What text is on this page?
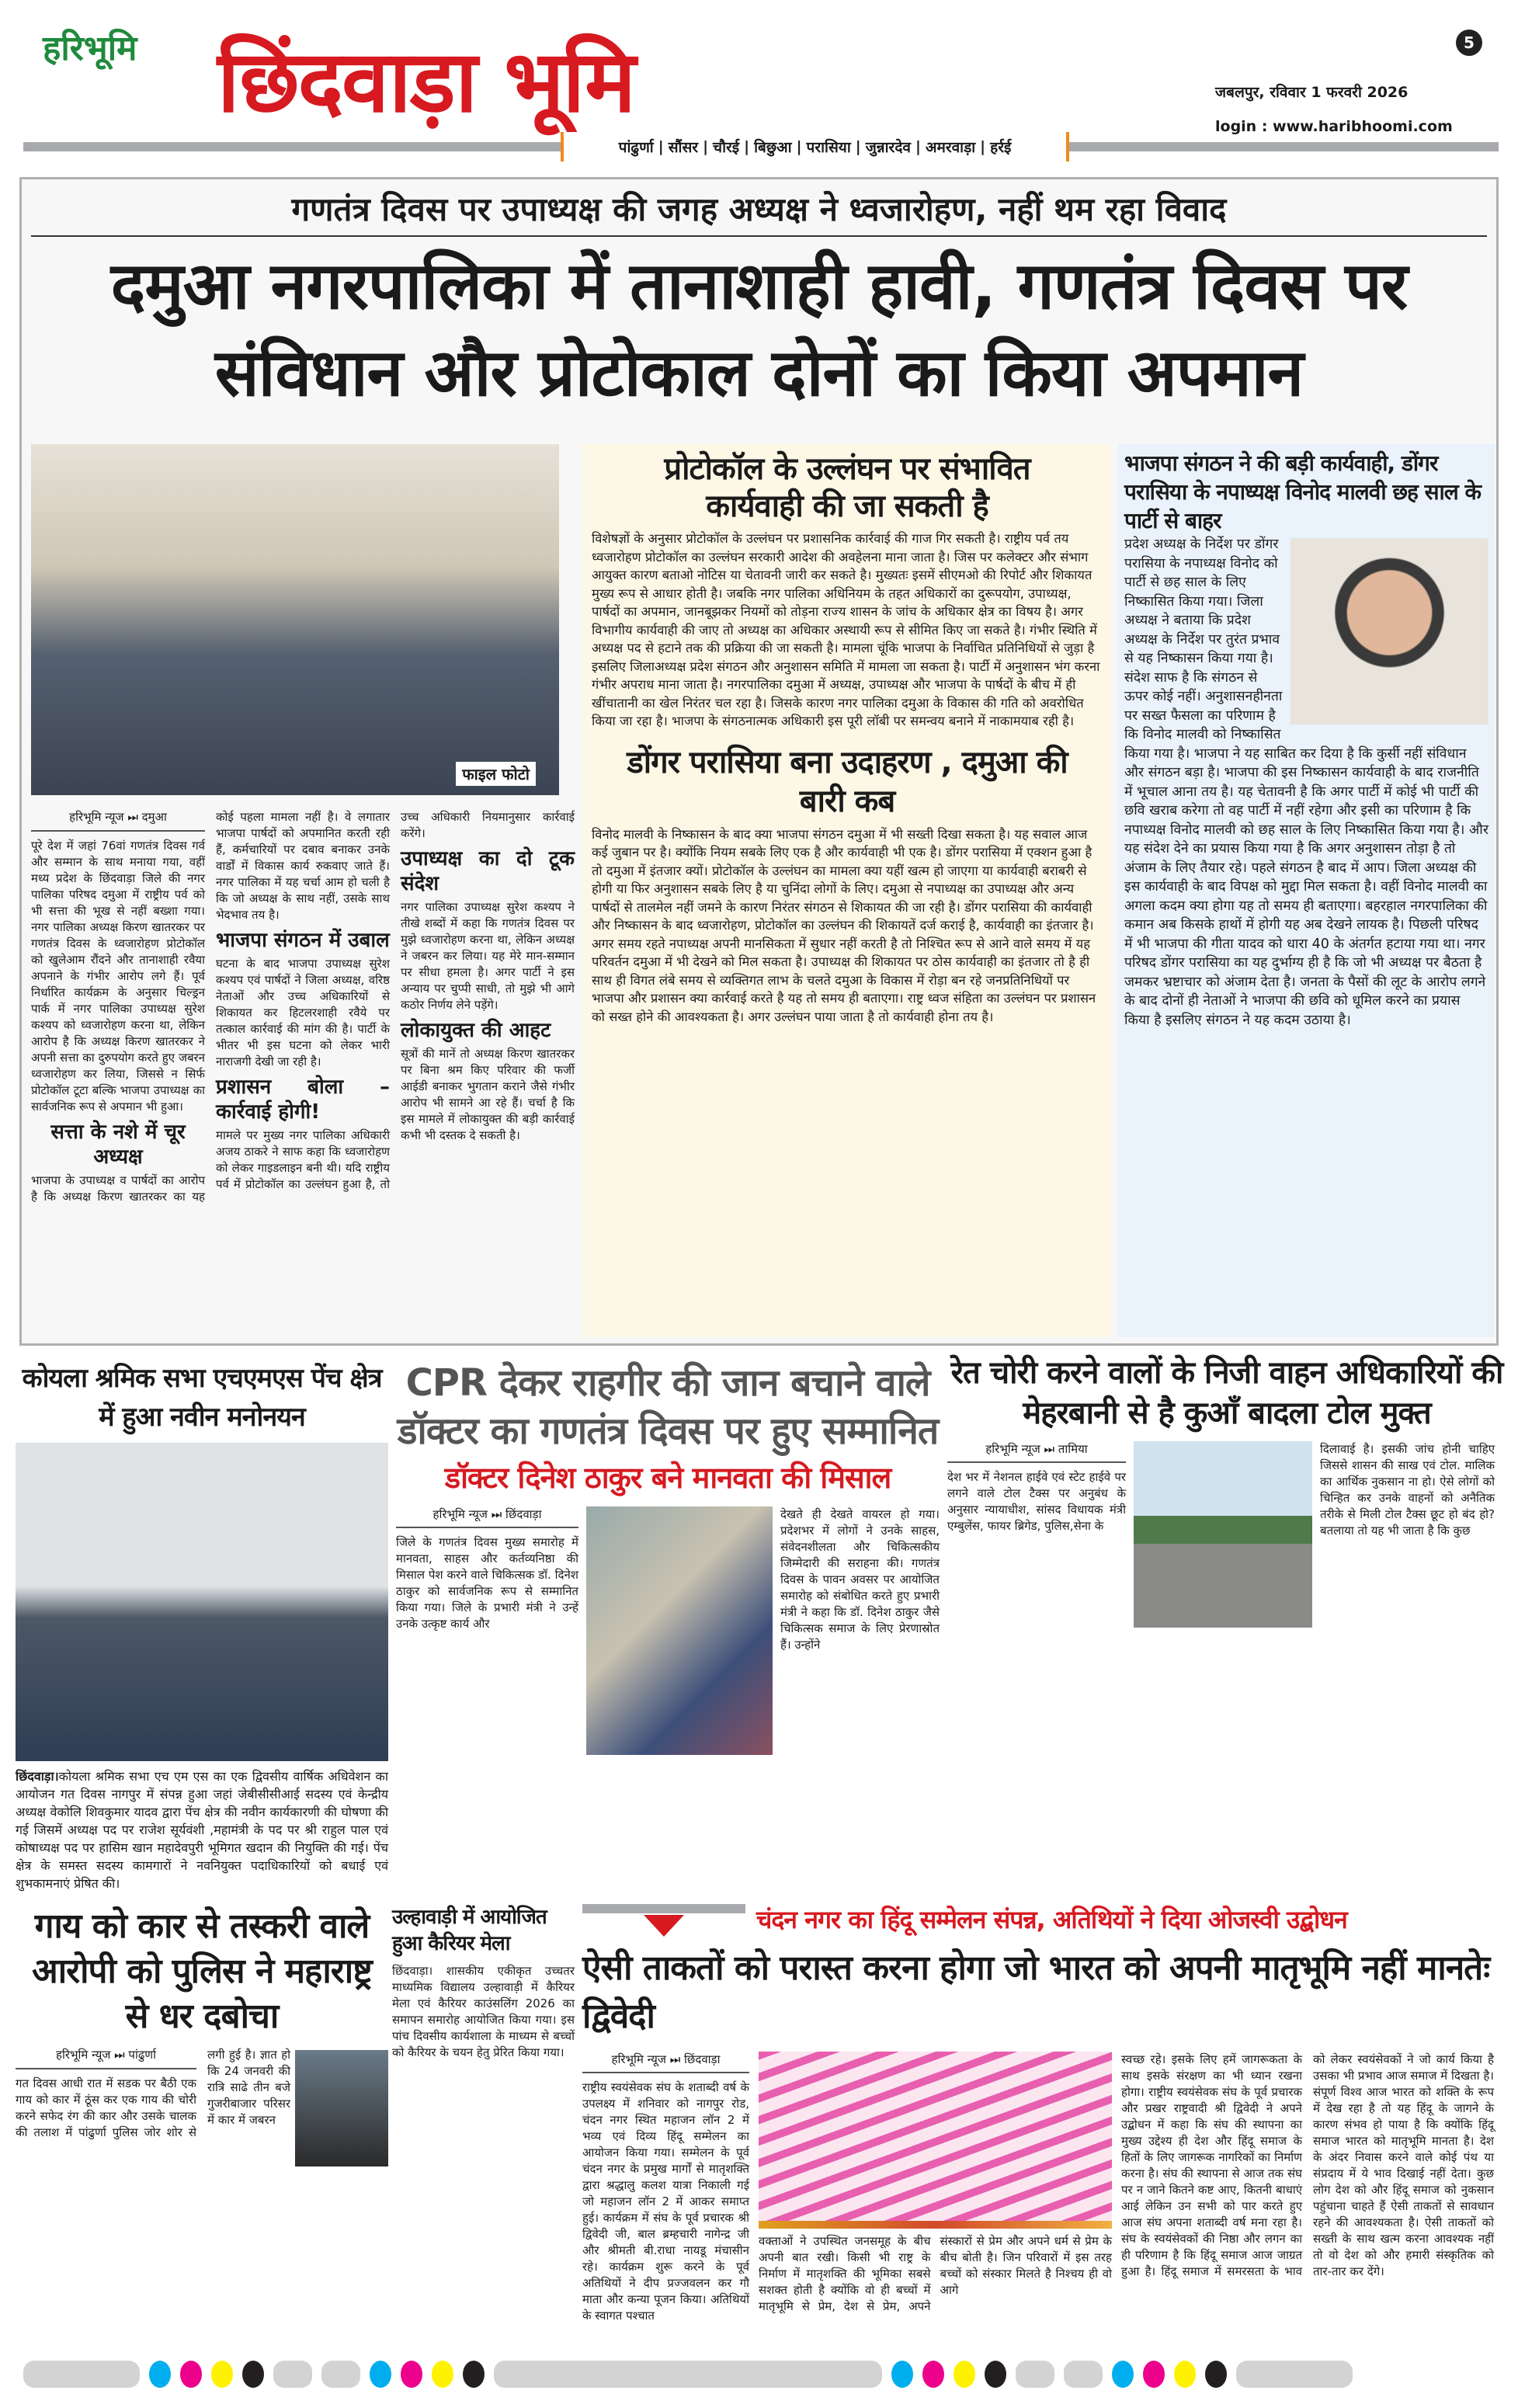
हरिभूमि छिंदवाड़ा भूमि	5
जबलपुर, रविवार 1 फरवरी 2026
login : www.haribhoomi.com
पांढुर्णा | सौंसर | चौरई | बिछुआ | परासिया | जुन्नारदेव | अमरवाड़ा | हर्रई
गणतंत्र दिवस पर उपाध्यक्ष की जगह अध्यक्ष ने ध्वजारोहण, नहीं थम रहा विवाद
दमुआ नगरपालिका में तानाशाही हावी, गणतंत्र दिवस पर संविधान और प्रोटोकाल दोनों का किया अपमान
फाइल फोटो
हरिभूमि न्यूज ⏭ दमुआ

पूरे देश में जहां 76वां गणतंत्र दिवस गर्व और सम्मान के साथ मनाया गया, वहीं मध्य प्रदेश के छिंदवाड़ा जिले की नगर पालिका परिषद दमुआ में राष्ट्रीय पर्व को भी सत्ता की भूख से नहीं बख्शा गया। नगर पालिका अध्यक्ष किरण खातरकर पर गणतंत्र दिवस के ध्वजारोहण प्रोटोकॉल को खुलेआम रौंदने और तानाशाही रवैया अपनाने के गंभीर आरोप लगे हैं। पूर्व निर्धारित कार्यक्रम के अनुसार चिल्ड्रन पार्क में नगर पालिका उपाध्यक्ष सुरेश कश्यप को ध्वजारोहण करना था, लेकिन आरोप है कि अध्यक्ष किरण खातरकर ने अपनी सत्ता का दुरुपयोग करते हुए जबरन ध्वजारोहण कर लिया, जिससे न सिर्फ प्रोटोकॉल टूटा बल्कि भाजपा उपाध्यक्ष का सार्वजनिक रूप से अपमान भी हुआ।

सत्ता के नशे में चूर अध्यक्ष

भाजपा के उपाध्यक्ष व पार्षदों का आरोप है कि अध्यक्ष किरण खातरकर का यह कोई पहला मामला नहीं है। वे लगातार भाजपा पार्षदों को अपमानित करती रही हैं, कर्मचारियों पर दबाव बनाकर उनके वार्डों में विकास कार्य रुकवाए जाते हैं। नगर पालिका में यह चर्चा आम हो चली है कि जो अध्यक्ष के साथ नहीं, उसके साथ भेदभाव तय है।

भाजपा संगठन में उबाल

घटना के बाद भाजपा उपाध्यक्ष सुरेश कश्यप एवं पार्षदों ने जिला अध्यक्ष, वरिष्ठ नेताओं और उच्च अधिकारियों से शिकायत कर हिटलरशाही रवैये पर तत्काल कार्रवाई की मांग की है। पार्टी के भीतर भी इस घटना को लेकर भारी नाराजगी देखी जा रही है।

प्रशासन बोला – कार्रवाई होगी!

मामले पर मुख्य नगर पालिका अधिकारी अजय ठाकरे ने साफ कहा कि ध्वजारोहण को लेकर गाइडलाइन बनी थी। यदि राष्ट्रीय पर्व में प्रोटोकॉल का उल्लंघन हुआ है, तो उच्च अधिकारी नियमानुसार कार्रवाई करेंगे।

उपाध्यक्ष का दो टूक संदेश

नगर पालिका उपाध्यक्ष सुरेश कश्यप ने तीखे शब्दों में कहा कि गणतंत्र दिवस पर मुझे ध्वजारोहण करना था, लेकिन अध्यक्ष ने जबरन कर लिया। यह मेरे मान-सम्मान पर सीधा हमला है। अगर पार्टी ने इस अन्याय पर चुप्पी साधी, तो मुझे भी आगे कठोर निर्णय लेने पड़ेंगे।

लोकायुक्त की आहट

सूत्रों की मानें तो अध्यक्ष किरण खातरकर पर बिना श्रम किए परिवार की फर्जी आईडी बनाकर भुगतान कराने जैसे गंभीर आरोप भी सामने आ रहे हैं। चर्चा है कि इस मामले में लोकायुक्त की बड़ी कार्रवाई कभी भी दस्तक दे सकती है।

प्रोटोकॉल के उल्लंघन पर संभावित कार्यवाही की जा सकती है
विशेषज्ञों के अनुसार प्रोटोकॉल के उल्लंघन पर प्रशासनिक कार्रवाई की गाज गिर सकती है। राष्ट्रीय पर्व तय ध्वजारोहण प्रोटोकॉल का उल्लंघन सरकारी आदेश की अवहेलना माना जाता है। जिस पर कलेक्टर और संभाग आयुक्त कारण बताओ नोटिस या चेतावनी जारी कर सकते है। मुख्यतः इसमें सीएमओ की रिपोर्ट और शिकायत मुख्य रूप से आधार होती है। जबकि नगर पालिका अधिनियम के तहत अधिकारों का दुरूपयोग, उपाध्यक्ष, पार्षदों का अपमान, जानबूझकर नियमों को तोड़ना राज्य शासन के जांच के अधिकार क्षेत्र का विषय है। अगर विभागीय कार्यवाही की जाए तो अध्यक्ष का अधिकार अस्थायी रूप से सीमित किए जा सकते है। गंभीर स्थिति में अध्यक्ष पद से हटाने तक की प्रक्रिया की जा सकती है। मामला चूंकि भाजपा के निर्वाचित प्रतिनिधियों से जुड़ा है इसलिए जिलाअध्यक्ष प्रदेश संगठन और अनुशासन समिति में मामला जा सकता है। पार्टी में अनुशासन भंग करना गंभीर अपराध माना जाता है। नगरपालिका दमुआ में अध्यक्ष, उपाध्यक्ष और भाजपा के पार्षदों के बीच में ही खींचातानी का खेल निरंतर चल रहा है। जिसके कारण नगर पालिका दमुआ के विकास की गति को अवरोधित किया जा रहा है। भाजपा के संगठनात्मक अधिकारी इस पूरी लॉबी पर समन्वय बनाने में नाकामयाब रही है।
डोंगर परासिया बना उदाहरण , दमुआ की बारी कब
विनोद मालवी के निष्कासन के बाद क्या भाजपा संगठन दमुआ में भी सख्ती दिखा सकता है। यह सवाल आज कई जुबान पर है। क्योंकि नियम सबके लिए एक है और कार्यवाही भी एक है। डोंगर परासिया में एक्शन हुआ है तो दमुआ में इंतजार क्यों। प्रोटोकॉल के उल्लंघन का मामला क्या यहीं खत्म हो जाएगा या कार्यवाही बराबरी से होगी या फिर अनुशासन सबके लिए है या चुनिंदा लोगों के लिए। दमुआ से नपाध्यक्ष का उपाध्यक्ष और अन्य पार्षदों से तालमेल नहीं जमने के कारण निरंतर संगठन से शिकायत की जा रही है। डोंगर परासिया की कार्यवाही और निष्कासन के बाद ध्वजारोहण, प्रोटोकॉल का उल्लंघन की शिकायतें दर्ज कराई है, कार्यवाही का इंतजार है। अगर समय रहते नपाध्यक्ष अपनी मानसिकता में सुधार नहीं करती है तो निश्चित रूप से आने वाले समय में यह परिवर्तन दमुआ में भी देखने को मिल सकता है। उपाध्यक्ष की शिकायत पर ठोस कार्यवाही का इंतजार तो है ही साथ ही विगत लंबे समय से व्यक्तिगत लाभ के चलते दमुआ के विकास में रोड़ा बन रहे जनप्रतिनिधियों पर भाजपा और प्रशासन क्या कार्रवाई करते है यह तो समय ही बताएगा। राष्ट्र ध्वज संहिता का उल्लंघन पर प्रशासन को सख्त होने की आवश्यकता है। अगर उल्लंघन पाया जाता है तो कार्यवाही होना तय है।
भाजपा संगठन ने की बड़ी कार्यवाही, डोंगर परासिया के नपाध्यक्ष विनोद मालवी छह साल के पार्टी से बाहर
प्रदेश अध्यक्ष के निर्देश पर डोंगर परासिया के नपाध्यक्ष विनोद को पार्टी से छह साल के लिए निष्कासित किया गया। जिला अध्यक्ष ने बताया कि प्रदेश अध्यक्ष के निर्देश पर तुरंत प्रभाव से यह निष्कासन किया गया है। संदेश साफ है कि संगठन से ऊपर कोई नहीं। अनुशासनहीनता पर सख्त फैसला का परिणाम है कि विनोद मालवी को निष्कासित किया गया है। भाजपा ने यह साबित कर दिया है कि कुर्सी नहीं संविधान और संगठन बड़ा है। भाजपा की इस निष्कासन कार्यवाही के बाद राजनीति में भूचाल आना तय है। यह चेतावनी है कि अगर पार्टी में कोई भी पार्टी की छवि खराब करेगा तो वह पार्टी में नहीं रहेगा और इसी का परिणाम है कि नपाध्यक्ष विनोद मालवी को छह साल के लिए निष्कासित किया गया है। और यह संदेश देने का प्रयास किया गया है कि अगर अनुशासन तोड़ा है तो अंजाम के लिए तैयार रहे। पहले संगठन है बाद में आप। जिला अध्यक्ष की इस कार्यवाही के बाद विपक्ष को मुद्दा मिल सकता है। वहीं विनोद मालवी का अगला कदम क्या होगा यह तो समय ही बताएगा। बहरहाल नगरपालिका की कमान अब किसके हाथों में होगी यह अब देखने लायक है। पिछली परिषद में भी भाजपा की गीता यादव को धारा 40 के अंतर्गत हटाया गया था। नगर परिषद डोंगर परासिया का यह दुर्भाग्य ही है कि जो भी अध्यक्ष पर बैठता है जमकर भ्रष्टाचार को अंजाम देता है। जनता के पैसों की लूट के आरोप लगने के बाद दोनों ही नेताओं ने भाजपा की छवि को धूमिल करने का प्रयास किया है इसलिए संगठन ने यह कदम उठाया है।
कोयला श्रमिक सभा एचएमएस पेंच क्षेत्र में हुआ नवीन मनोनयन
छिंदवाड़ा।कोयला श्रमिक सभा एच एम एस का एक द्विवसीय वार्षिक अधिवेशन का आयोजन गत दिवस नागपुर में संपन्न हुआ जहां जेबीसीसीआई सदस्य एवं केन्द्रीय अध्यक्ष वेकोलि शिवकुमार यादव द्वारा पेंच क्षेत्र की नवीन कार्यकारणी की घोषणा की गई जिसमें अध्यक्ष पद पर राजेश सूर्यवंशी ,महामंत्री के पद पर श्री राहुल पाल एवं कोषाध्यक्ष पद पर हासिम खान महादेवपुरी भूमिगत खदान की नियुक्ति की गई। पेंच क्षेत्र के समस्त सदस्य कामगारों ने नवनियुक्त पदाधिकारियों को बधाई एवं शुभकामनाएं प्रेषित की।
CPR देकर राहगीर की जान बचाने वाले डॉक्टर का गणतंत्र दिवस पर हुए सम्मानित
डॉक्टर दिनेश ठाकुर बने मानवता की मिसाल
हरिभूमि न्यूज ⏭ छिंदवाड़ा
जिले के गणतंत्र दिवस मुख्य समारोह में मानवता, साहस और कर्तव्यनिष्ठा की मिसाल पेश करने वाले चिकित्सक डॉ. दिनेश ठाकुर को सार्वजनिक रूप से सम्मानित किया गया। जिले के प्रभारी मंत्री ने उन्हें उनके उत्कृष्ट कार्य और
देखते ही देखते वायरल हो गया। प्रदेशभर में लोगों ने उनके साहस, संवेदनशीलता और चिकित्सकीय जिम्मेदारी की सराहना की। गणतंत्र दिवस के पावन अवसर पर आयोजित समारोह को संबोधित करते हुए प्रभारी मंत्री ने कहा कि डॉ. दिनेश ठाकुर जैसे चिकित्सक समाज के लिए प्रेरणास्रोत हैं। उन्होंने
रेत चोरी करने वालों के निजी वाहन अधिकारियों की मेहरबानी से है कुआँ बादला टोल मुक्त
हरिभूमि न्यूज ⏭ तामिया
देश भर में नेशनल हाईवे एवं स्टेट हाईवे पर लगने वाले टोल टैक्स पर अनुबंध के अनुसार न्यायाधीश, सांसद विधायक मंत्री एम्बुलेंस, फायर ब्रिगेड, पुलिस,सेना के
दिलावाई है। इसकी जांच होनी चाहिए जिससे शासन की साख एवं टोल. मालिक का आर्थिक नुकसान ना हो। ऐसे लोगों को चिन्हित कर उनके वाहनों को अनैतिक तरीके से मिली टोल टैक्स छूट हो बंद हो? बतलाया तो यह भी जाता है कि कुछ
गाय को कार से तस्करी वाले आरोपी को पुलिस ने महाराष्ट्र से धर दबोचा
हरिभूमि न्यूज ⏭ पांढुर्णा

गत दिवस आधी रात में सडक पर बैठी एक गाय को कार में ठूंस कर एक गाय की चोरी करने सफेद रंग की कार और उसके चालक की तलाश में पांढुर्णा पुलिस जोर शोर से लगी हुई है। ज्ञात हो कि 24 जनवरी की रात्रि साढे तीन बजे गुजरीबाजार परिसर में कार में जबरन

उल्हावाड़ी में आयोजित हुआ कैरियर मेला
छिंदवाड़ा। शासकीय एकीकृत उच्चतर माध्यमिक विद्यालय उल्हावाड़ी में कैरियर मेला एवं कैरियर काउंसलिंग 2026 का समापन समारोह आयोजित किया गया। इस पांच दिवसीय कार्यशाला के माध्यम से बच्चों को कैरियर के चयन हेतु प्रेरित किया गया।
चंदन नगर का हिंदू सम्मेलन संपन्न, अतिथियों ने दिया ओजस्वी उद्बोधन
ऐसी ताकतों को परास्त करना होगा जो भारत को अपनी मातृभूमि नहीं मानतेः द्विवेदी
हरिभूमि न्यूज ⏭ छिंदवाड़ा
राष्ट्रीय स्वयंसेवक संघ के शताब्दी वर्ष के उपलक्ष्य में शनिवार को नागपुर रोड, चंदन नगर स्थित महाजन लॉन 2 में भव्य एवं दिव्य हिंदू सम्मेलन का आयोजन किया गया। सम्मेलन के पूर्व चंदन नगर के प्रमुख मार्गों से मातृशक्ति द्वारा श्रद्धालु कलश यात्रा निकाली गई जो महाजन लॉन 2 में आकर समाप्त हुई। कार्यक्रम में संघ के पूर्व प्रचारक श्री द्विवेदी जी, बाल ब्रम्हचारी नागेन्द्र जी और श्रीमती बी.राधा नायडू मंचासीन रहे। कार्यक्रम शुरू करने के पूर्व अतिथियों ने दीप प्रज्जवलन कर गौ माता और कन्या पूजन किया। अतिथियों के स्वागत पश्चात
वक्ताओं ने उपस्थित जनसमूह के बीच अपनी बात रखी। किसी भी राष्ट्र के निर्माण में मातृशक्ति की भूमिका सबसे सशक्त होती है क्योंकि वो ही बच्चों में मातृभूमि से प्रेम, देश से प्रेम, अपने संस्कारों से प्रेम और अपने धर्म से प्रेम के बीच बोती है। जिन परिवारों में इस तरह बच्चों को संस्कार मिलते है निश्चय ही वो आगे
स्वच्छ रहे। इसके लिए हमें जागरूकता के साथ इसके संरक्षण का भी ध्यान रखना होगा। राष्ट्रीय स्वयंसेवक संघ के पूर्व प्रचारक और प्रखर राष्ट्रवादी श्री द्विवेदी ने अपने उद्बोधन में कहा कि संघ की स्थापना का मुख्य उद्देश्य ही देश और हिंदू समाज के हितों के लिए जागरूक नागरिकों का निर्माण करना है। संघ की स्थापना से आज तक संघ पर न जाने कितने कष्ट आए, कितनी बाधाएं आई लेकिन उन सभी को पार करते हुए आज संघ अपना शताब्दी वर्ष मना रहा है। संघ के स्वयंसेवकों की निष्ठा और लगन का ही परिणाम है कि हिंदू समाज आज जाग्रत हुआ है। हिंदू समाज में समरसता के भाव को लेकर स्वयंसेवकों ने जो कार्य किया है उसका भी प्रभाव आज समाज में दिखता है। संपूर्ण विश्व आज भारत को शक्ति के रूप में देख रहा है तो यह हिंदू के जागने के कारण संभव हो पाया है कि क्योंकि हिंदू समाज भारत को मातृभूमि मानता है। देश के अंदर निवास करने वाले कोई पंथ या संप्रदाय में ये भाव दिखाई नहीं देता। कुछ लोग देश को और हिंदू समाज को नुकसान पहुंचाना चाहते हैं ऐसी ताकतों से सावधान रहने की आवश्यकता है। ऐसी ताकतों को सख्ती के साथ खत्म करना आवश्यक नहीं तो वो देश को और हमारी संस्कृतिक को तार-तार कर देंगे।
